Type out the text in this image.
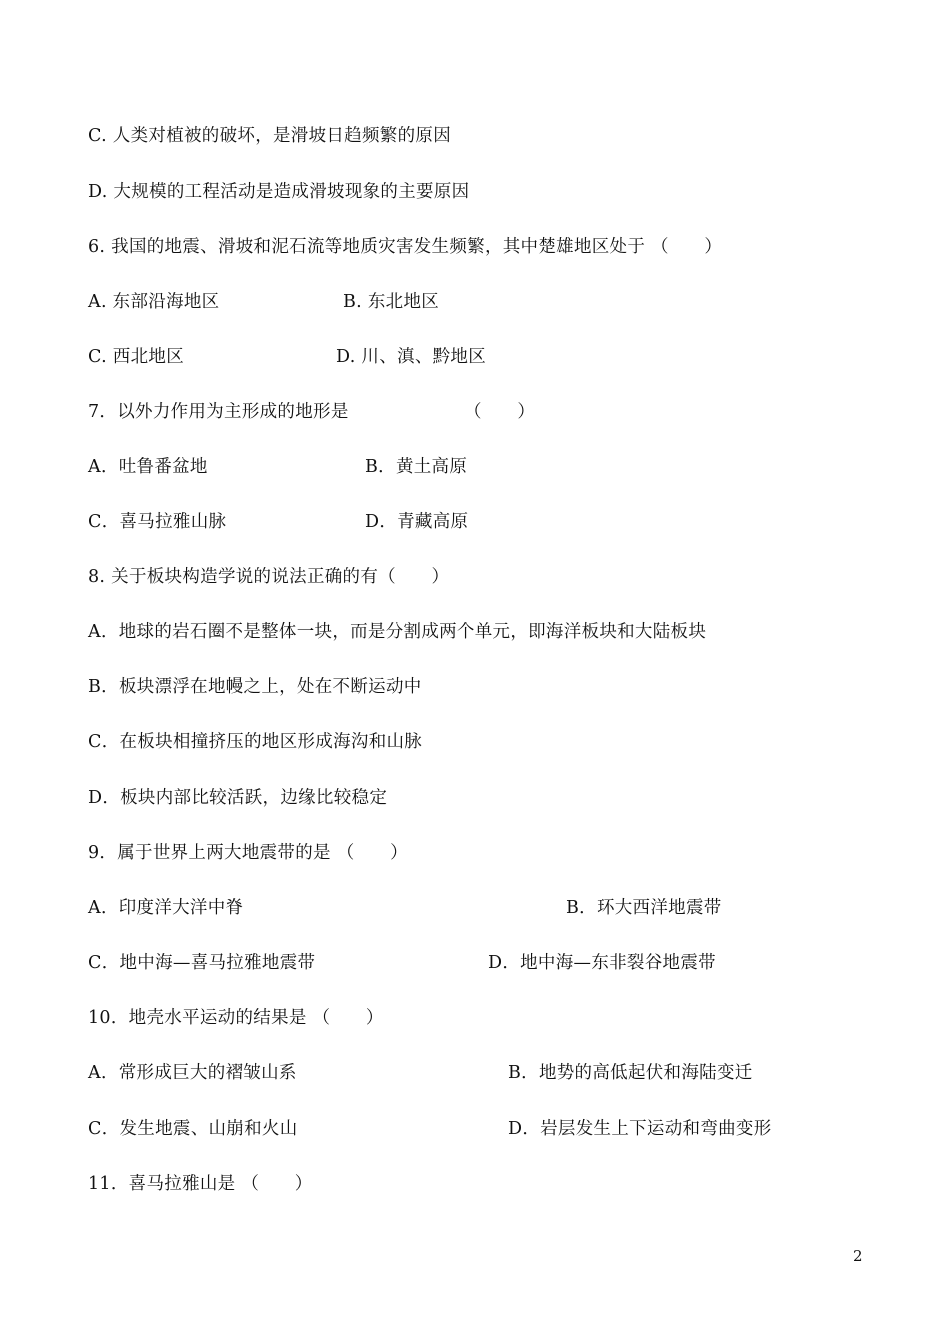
C. 人类对植被的破坏，是滑坡日趋频繁的原因
D. 大规模的工程活动是造成滑坡现象的主要原因
6. 我国的地震、滑坡和泥石流等地质灾害发生频繁，其中楚雄地区处于 （　　）
A. 东部沿海地区	B. 东北地区
C. 西北地区	D. 川、滇、黔地区
7．以外力作用为主形成的地形是	（　　）
A．吐鲁番盆地	B．黄土高原
C．喜马拉雅山脉	D．青藏高原
8. 关于板块构造学说的说法正确的有（　　）
A．地球的岩石圈不是整体一块，而是分割成两个单元，即海洋板块和大陆板块
B．板块漂浮在地幔之上，处在不断运动中
C．在板块相撞挤压的地区形成海沟和山脉
D．板块内部比较活跃，边缘比较稳定
9．属于世界上两大地震带的是 （　　）
A．印度洋大洋中脊	B．环大西洋地震带
C．地中海—喜马拉雅地震带	D．地中海—东非裂谷地震带
10．地壳水平运动的结果是 （　　）
A．常形成巨大的褶皱山系	B．地势的高低起伏和海陆变迁
C．发生地震、山崩和火山	D．岩层发生上下运动和弯曲变形
11．喜马拉雅山是 （　　）
2
